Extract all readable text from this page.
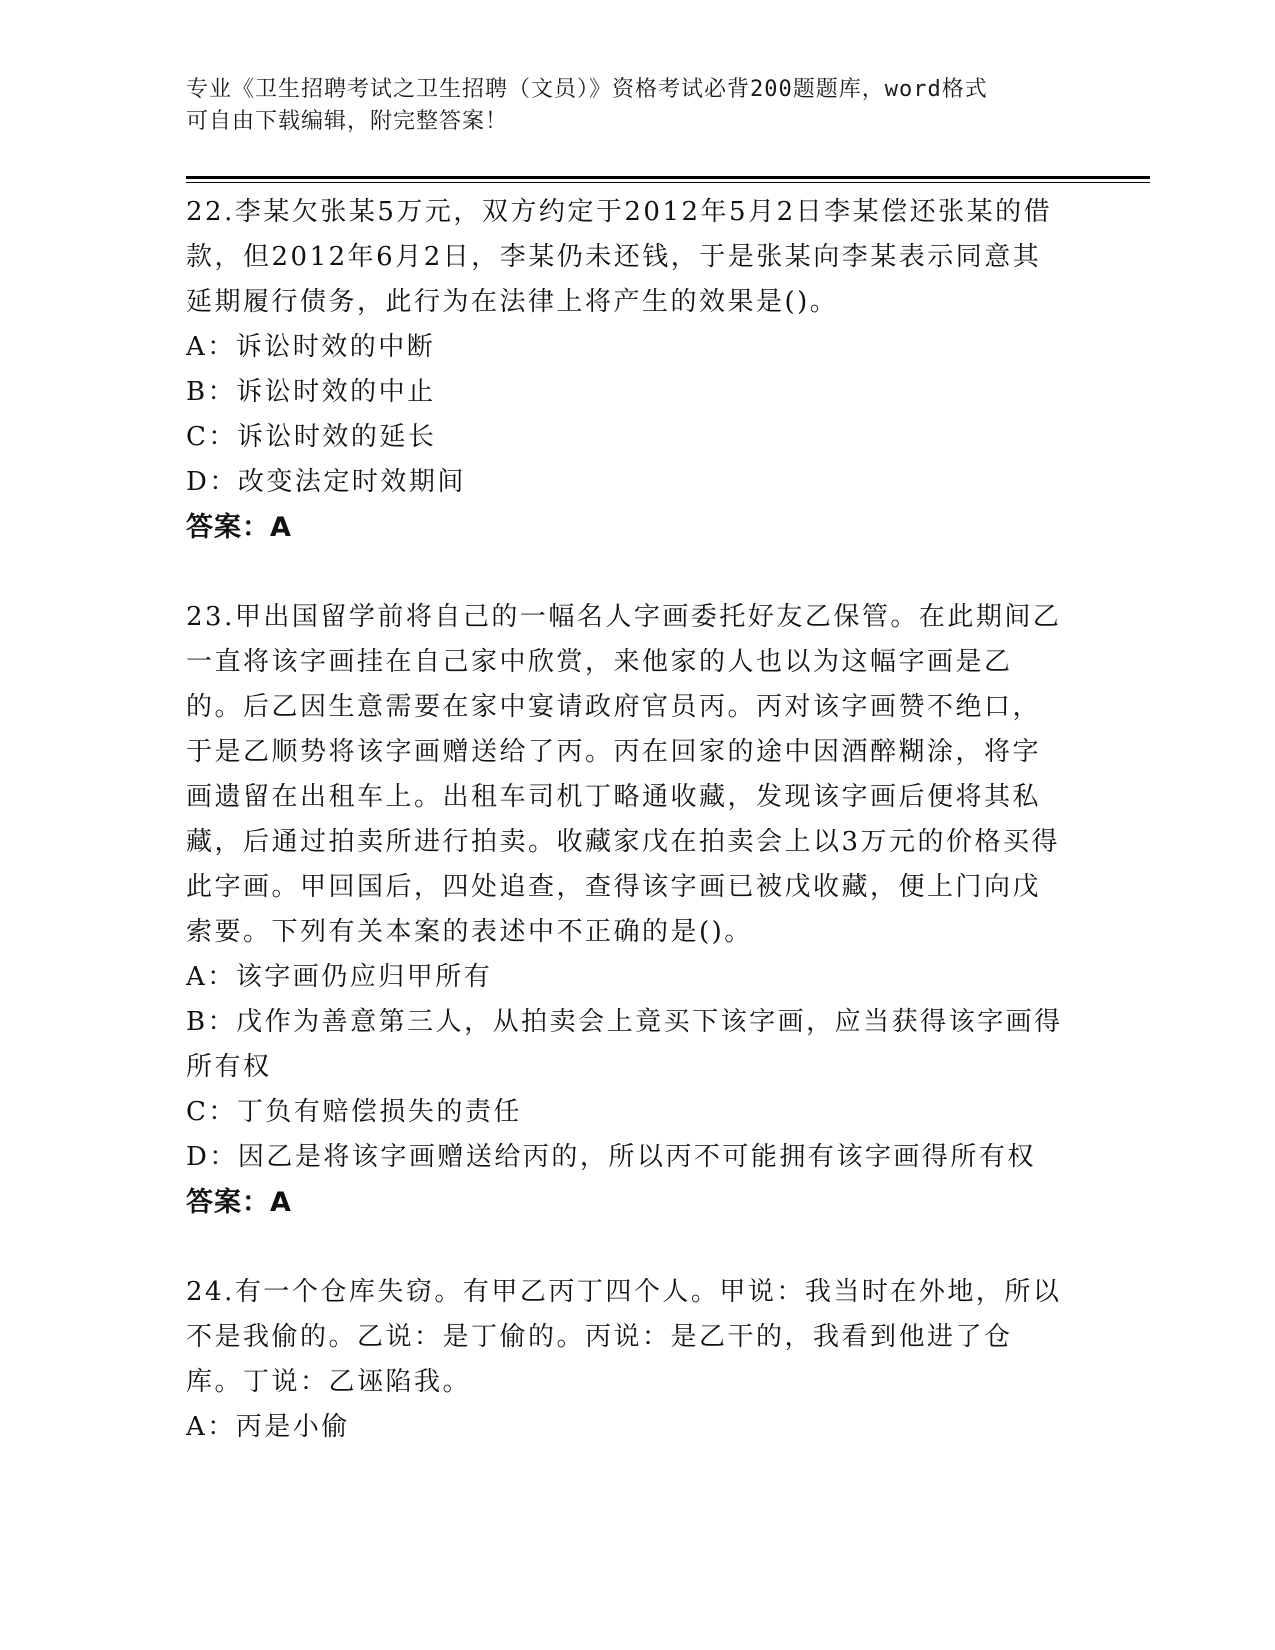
专业《卫生招聘考试之卫生招聘（文员）》资格考试必背200题题库，word格式
可自由下载编辑，附完整答案！

22.李某欠张某5万元，双方约定于2012年5月2日李某偿还张某的借款，但2012年6月2日，李某仍未还钱，于是张某向李某表示同意其延期履行债务，此行为在法律上将产生的效果是()。

A：诉讼时效的中断

B：诉讼时效的中止

C：诉讼时效的延长

D：改变法定时效期间

答案：A

23.甲出国留学前将自己的一幅名人字画委托好友乙保管。在此期间乙一直将该字画挂在自己家中欣赏，来他家的人也以为这幅字画是乙的。后乙因生意需要在家中宴请政府官员丙。丙对该字画赞不绝口，于是乙顺势将该字画赠送给了丙。丙在回家的途中因酒醉糊涂，将字画遗留在出租车上。出租车司机丁略通收藏，发现该字画后便将其私藏，后通过拍卖所进行拍卖。收藏家戊在拍卖会上以3万元的价格买得此字画。甲回国后，四处追查，查得该字画已被戊收藏，便上门向戊索要。下列有关本案的表述中不正确的是()。

A：该字画仍应归甲所有

B：戊作为善意第三人，从拍卖会上竟买下该字画，应当获得该字画得所有权

C：丁负有赔偿损失的责任

D：因乙是将该字画赠送给丙的，所以丙不可能拥有该字画得所有权

答案：A

24.有一个仓库失窃。有甲乙丙丁四个人。甲说：我当时在外地，所以不是我偷的。乙说：是丁偷的。丙说：是乙干的，我看到他进了仓库。丁说：乙诬陷我。

A：丙是小偷
